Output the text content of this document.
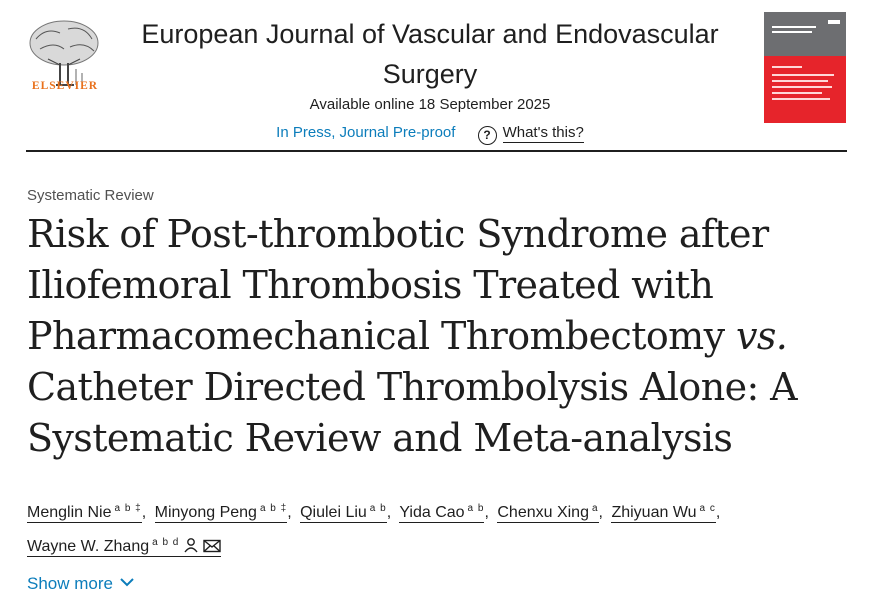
ELSEVIER
European Journal of Vascular and Endovascular Surgery
Available online 18 September 2025
In Press, Journal Pre-proof ? What's this?
Systematic Review
Risk of Post-thrombotic Syndrome after Iliofemoral Thrombosis Treated with Pharmacomechanical Thrombectomy vs. Catheter Directed Thrombolysis Alone: A Systematic Review and Meta-analysis
Menglin Nie $^{a b \ddagger}$, Minyong Peng $^{a b \ddagger}$, Qiulei Liu $^{a b}$, Yida Cao $^{a b}$, Chenxu Xing $^a$, Zhiyuan Wu $^{a c}$,
Wayne W. Zhang $^{a b d}$
Show more
